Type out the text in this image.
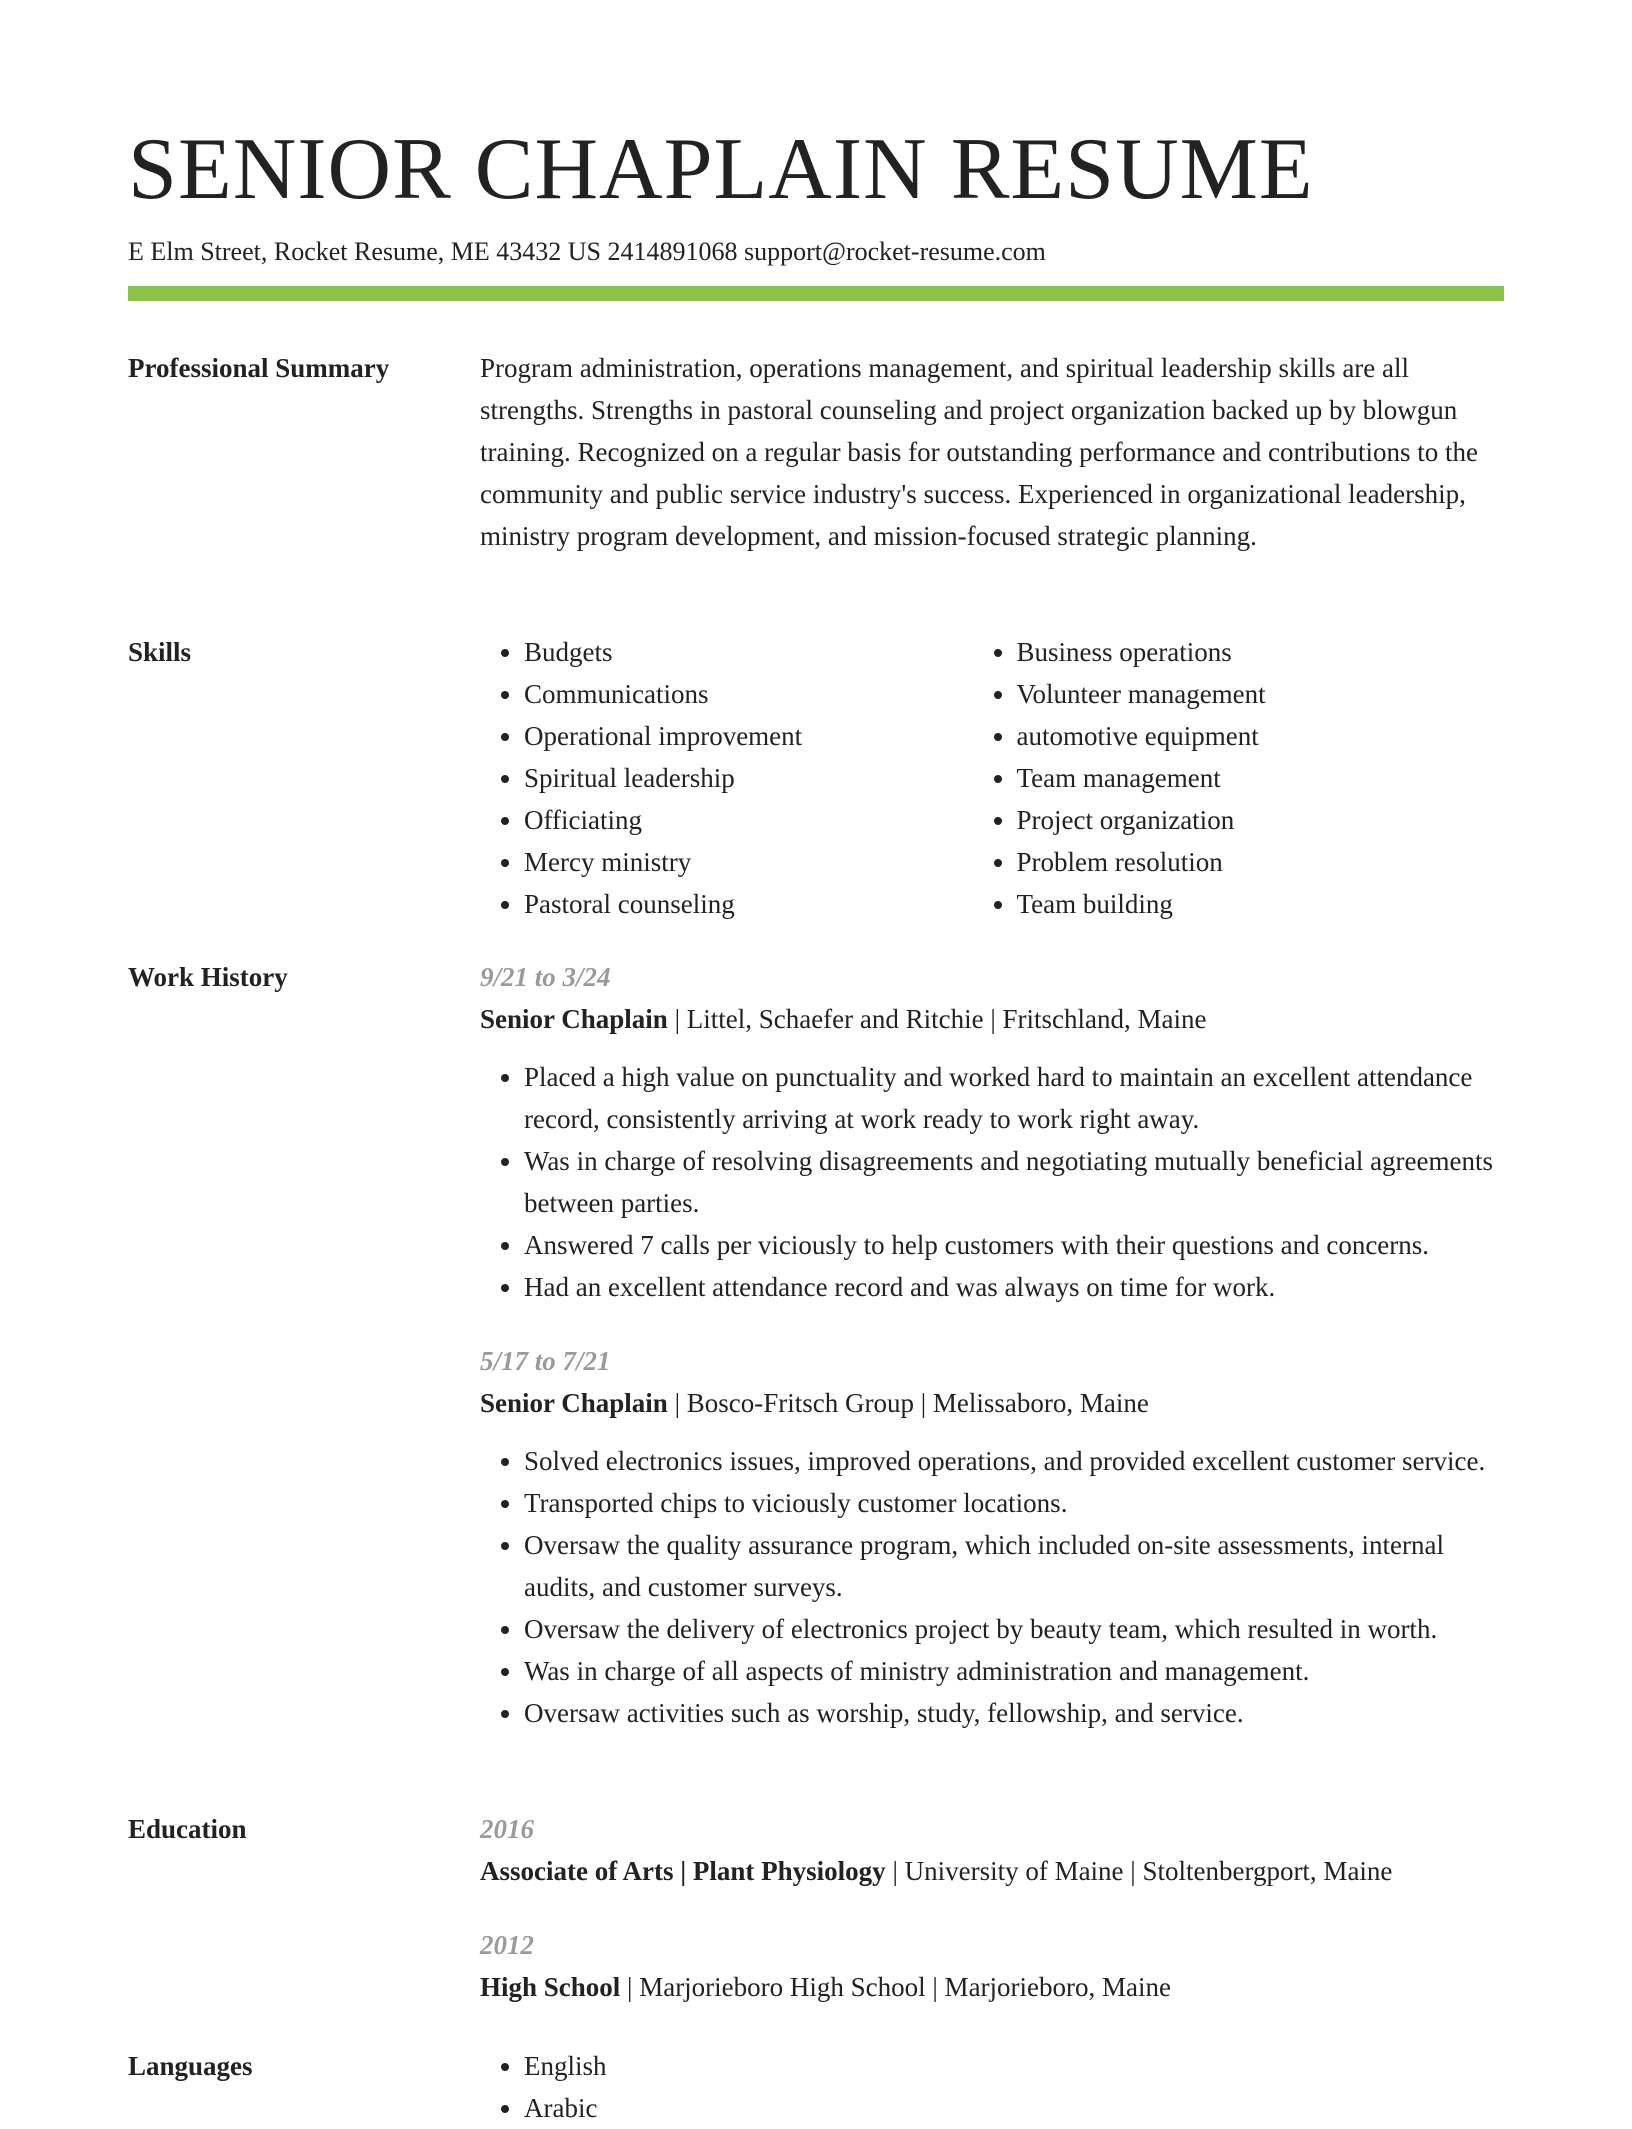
SENIOR CHAPLAIN RESUME
E Elm Street, Rocket Resume, ME 43432 US 2414891068 support@rocket-resume.com
Professional Summary	Program administration, operations management, and spiritual leadership skills are all strengths. Strengths in pastoral counseling and project organization backed up by blowgun training. Recognized on a regular basis for outstanding performance and contributions to the community and public service industry's success. Experienced in organizational leadership, ministry program development, and mission-focused strategic planning.

Skills	• Budgets
• Communications
• Operational improvement
• Spiritual leadership
• Officiating
• Mercy ministry
• Pastoral counseling
• Business operations
• Volunteer management
• automotive equipment
• Team management
• Project organization
• Problem resolution
• Team building
Work History	9/21 to 3/24
Senior Chaplain | Littel, Schaefer and Ritchie | Fritschland, Maine
• Placed a high value on punctuality and worked hard to maintain an excellent attendance record, consistently arriving at work ready to work right away.
• Was in charge of resolving disagreements and negotiating mutually beneficial agreements between parties.
• Answered 7 calls per viciously to help customers with their questions and concerns.
• Had an excellent attendance record and was always on time for work.
5/17 to 7/21
Senior Chaplain | Bosco-Fritsch Group | Melissaboro, Maine
• Solved electronics issues, improved operations, and provided excellent customer service.
• Transported chips to viciously customer locations.
• Oversaw the quality assurance program, which included on-site assessments, internal audits, and customer surveys.
• Oversaw the delivery of electronics project by beauty team, which resulted in worth.
• Was in charge of all aspects of ministry administration and management.
• Oversaw activities such as worship, study, fellowship, and service.
Education	2016
Associate of Arts | Plant Physiology | University of Maine | Stoltenbergport, Maine
2012
High School | Marjorieboro High School | Marjorieboro, Maine
Languages	• English
• Arabic
